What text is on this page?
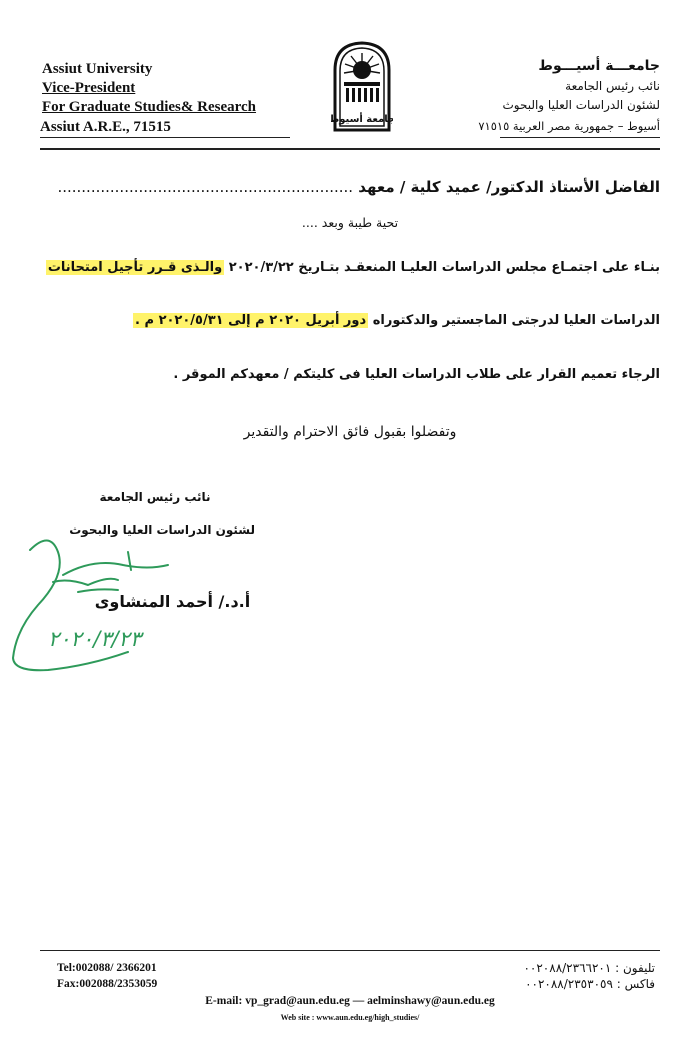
Assiut University
Vice-President
For Graduate Studies& Research
Assiut A.R.E., 71515	جامعة أسيوط
جامعـــة أسيـــوط
نائب رئيس الجامعة
لشئون الدراسات العليا والبحوث
أسيوط – جمهورية مصر العربية ٧١٥١٥
الفاضل الأستاذ الدكتور/ عميد كلية / معهد ..............................................................
تحية طيبة وبعد ....
بنـاء على اجتمـاع مجلس الدراسات العليـا المنعقـد بتـاريخ ٢٠٢٠/٣/٢٢ والـذى قـرر تأجيل امتحانات
الدراسات العليا لدرجتى الماجستير والدكتوراه دور أبريل ٢٠٢٠ م إلى ٢٠٢٠/٥/٣١ م .
الرجاء تعميم القرار على طلاب الدراسات العليا فى كليتكم / معهدكم الموقر .
وتفضلوا بقبول فائق الاحترام والتقدير
نائب رئيس الجامعة
لشئون الدراسات العليا والبحوث
أ.د./ أحمد المنشاوى
٢٠٢٠/٣/٢٣
Tel:002088/ 2366201
Fax:002088/2353059
تليفون : ٠٠٢٠٨٨/٢٣٦٦٢٠١
فاكس : ٠٠٢٠٨٨/٢٣٥٣٠٥٩
E-mail: vp_grad@aun.edu.eg — aelminshawy@aun.edu.eg
Web site : www.aun.edu.eg/high_studies/
